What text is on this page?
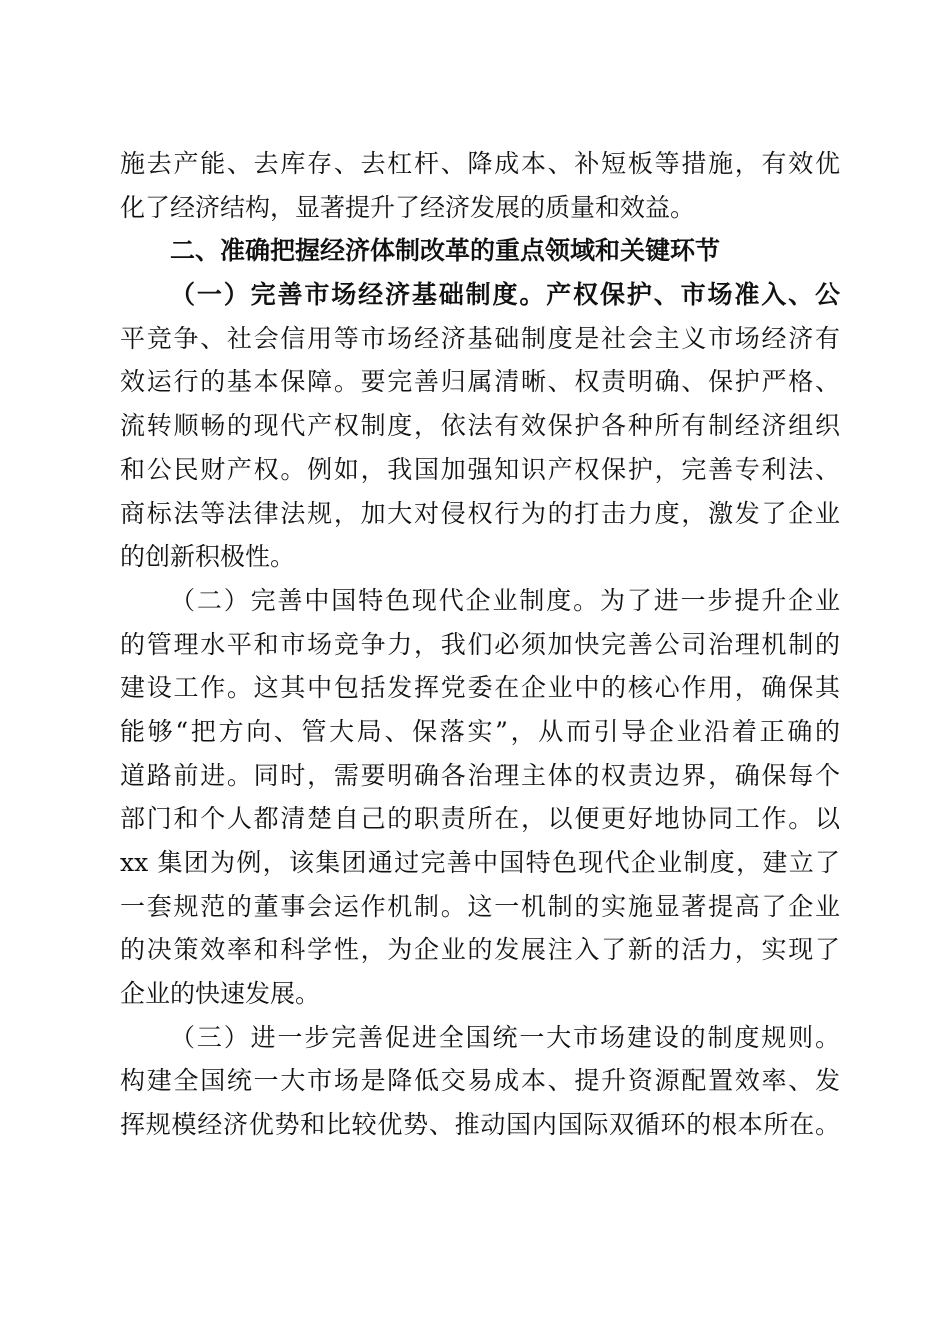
施去产能、去库存、去杠杆、降成本、补短板等措施，有效优
化了经济结构，显著提升了经济发展的质量和效益。
二、准确把握经济体制改革的重点领域和关键环节
（一）完善市场经济基础制度。产权保护、市场准入、公
平竞争、社会信用等市场经济基础制度是社会主义市场经济有
效运行的基本保障。要完善归属清晰、权责明确、保护严格、
流转顺畅的现代产权制度，依法有效保护各种所有制经济组织
和公民财产权。例如，我国加强知识产权保护，完善专利法、
商标法等法律法规，加大对侵权行为的打击力度，激发了企业
的创新积极性。
（二）完善中国特色现代企业制度。为了进一步提升企业
的管理水平和市场竞争力，我们必须加快完善公司治理机制的
建设工作。这其中包括发挥党委在企业中的核心作用，确保其
能够“把方向、管大局、保落实”，从而引导企业沿着正确的
道路前进。同时，需要明确各治理主体的权责边界，确保每个
部门和个人都清楚自己的职责所在，以便更好地协同工作。以
xx 集团为例，该集团通过完善中国特色现代企业制度，建立了
一套规范的董事会运作机制。这一机制的实施显著提高了企业
的决策效率和科学性，为企业的发展注入了新的活力，实现了
企业的快速发展。
（三）进一步完善促进全国统一大市场建设的制度规则。
构建全国统一大市场是降低交易成本、提升资源配置效率、发
挥规模经济优势和比较优势、推动国内国际双循环的根本所在。
